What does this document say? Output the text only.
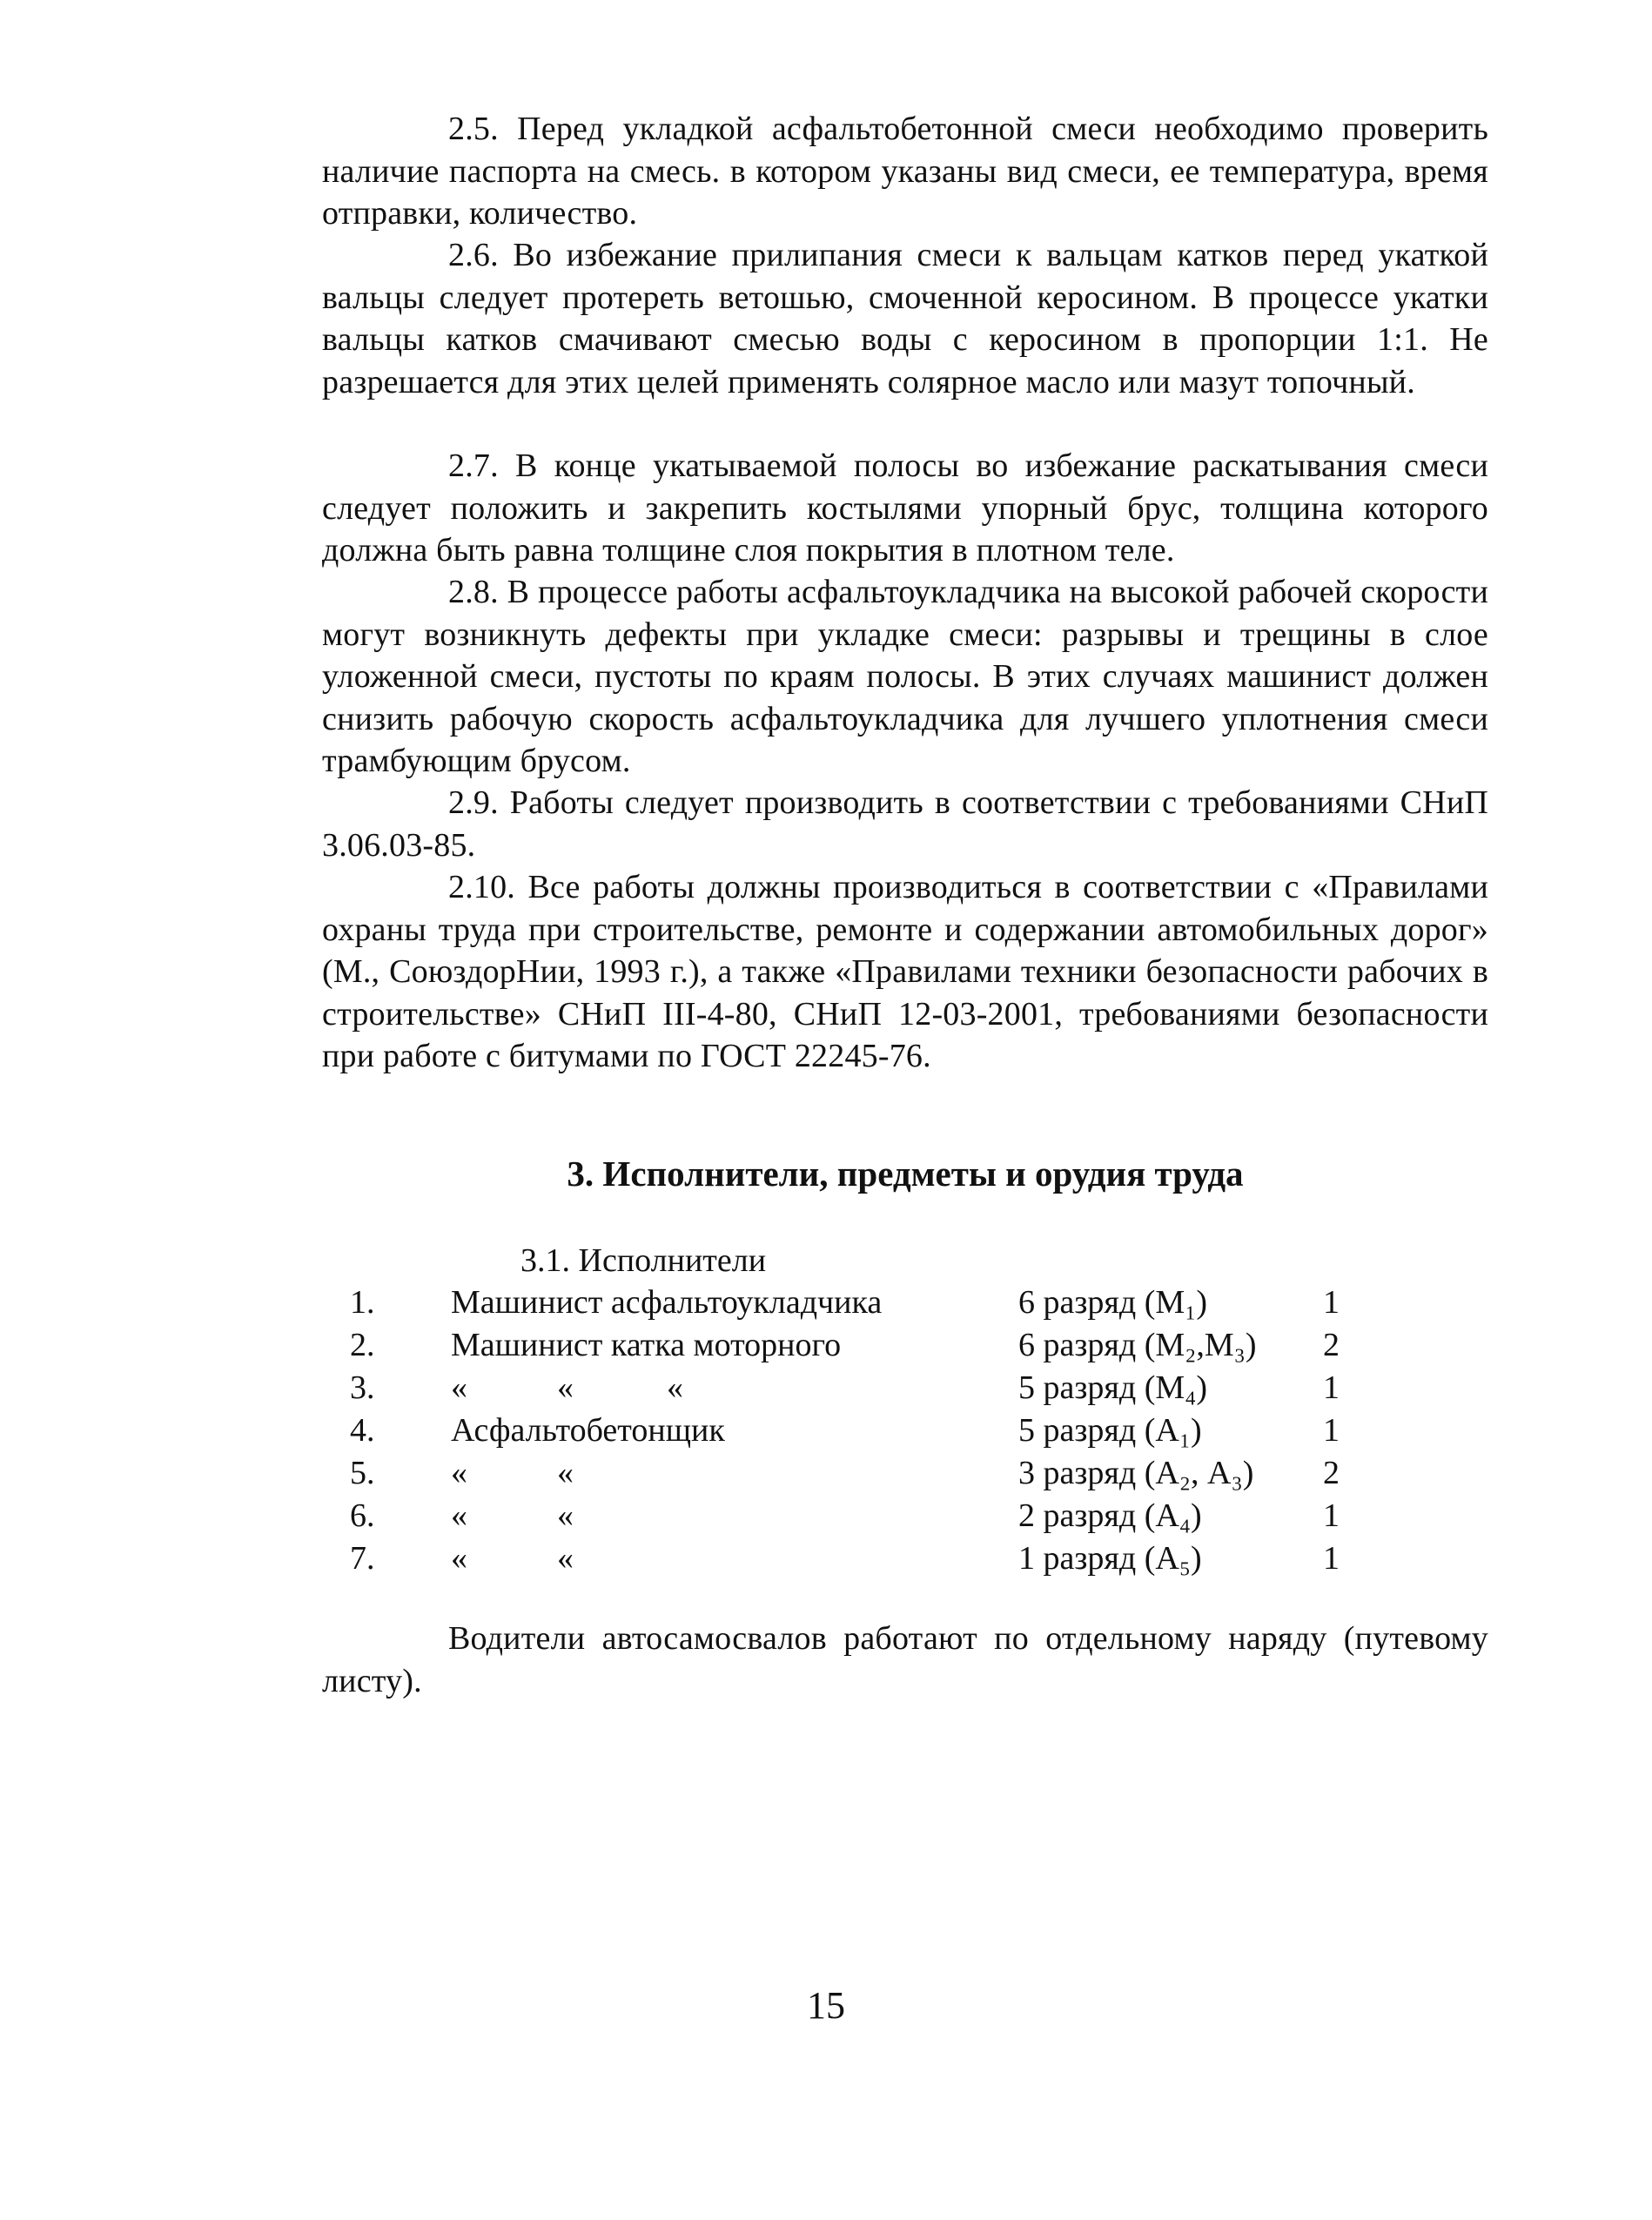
2.5. Перед укладкой асфальтобетонной смеси необходимо проверить наличие паспорта на смесь. в котором указаны вид смеси, ее температура, время отправки, количество.

2.6. Во избежание прилипания смеси к вальцам катков перед укаткой вальцы следует протереть ветошью, смоченной керосином. В процессе укатки вальцы катков смачивают смесью воды с керосином в пропорции 1:1. Не разрешается для этих целей применять солярное масло или мазут топочный.

2.7. В конце укатываемой полосы во избежание раскатывания смеси следует положить и закрепить костылями упорный брус, толщина которого должна быть равна толщине слоя покрытия в плотном теле.

2.8. В процессе работы асфальтоукладчика на высокой рабочей скорости могут возникнуть дефекты при укладке смеси: разрывы и трещины в слое уложенной смеси, пустоты по краям полосы. В этих случаях машинист должен снизить рабочую скорость асфальтоукладчика для лучшего уплотнения смеси трамбующим брусом.

2.9. Работы следует производить в соответствии с требованиями СНиП 3.06.03-85.

2.10. Все работы должны производиться в соответствии с «Правилами охраны труда при строительстве, ремонте и содержании автомобильных дорог» (М., СоюздорНии, 1993 г.), а также «Правилами техники безопасности рабочих в строительстве» СНиП III-4-80, СНиП 12-03-2001, требованиями безопасности при работе с битумами по ГОСТ 22245-76.

3. Исполнители, предметы и орудия труда

3.1. Исполнители

1. Машинист асфальтоукладчика	6 разряд (М₁)	1
2. Машинист катка моторного	6 разряд (М₂,М₃) 2
3. «	«	«	5 разряд (М₄)	1
4. Асфальтобетонщик	5 разряд (А₁)	1
5. «	«	3 разряд (А₂, А₃) 2
6. «	«	2 разряд (А₄)	1
7. «	«	1 разряд (А₅)	1

Водители автосамосвалов работают по отдельному наряду (путевому листу).

15
